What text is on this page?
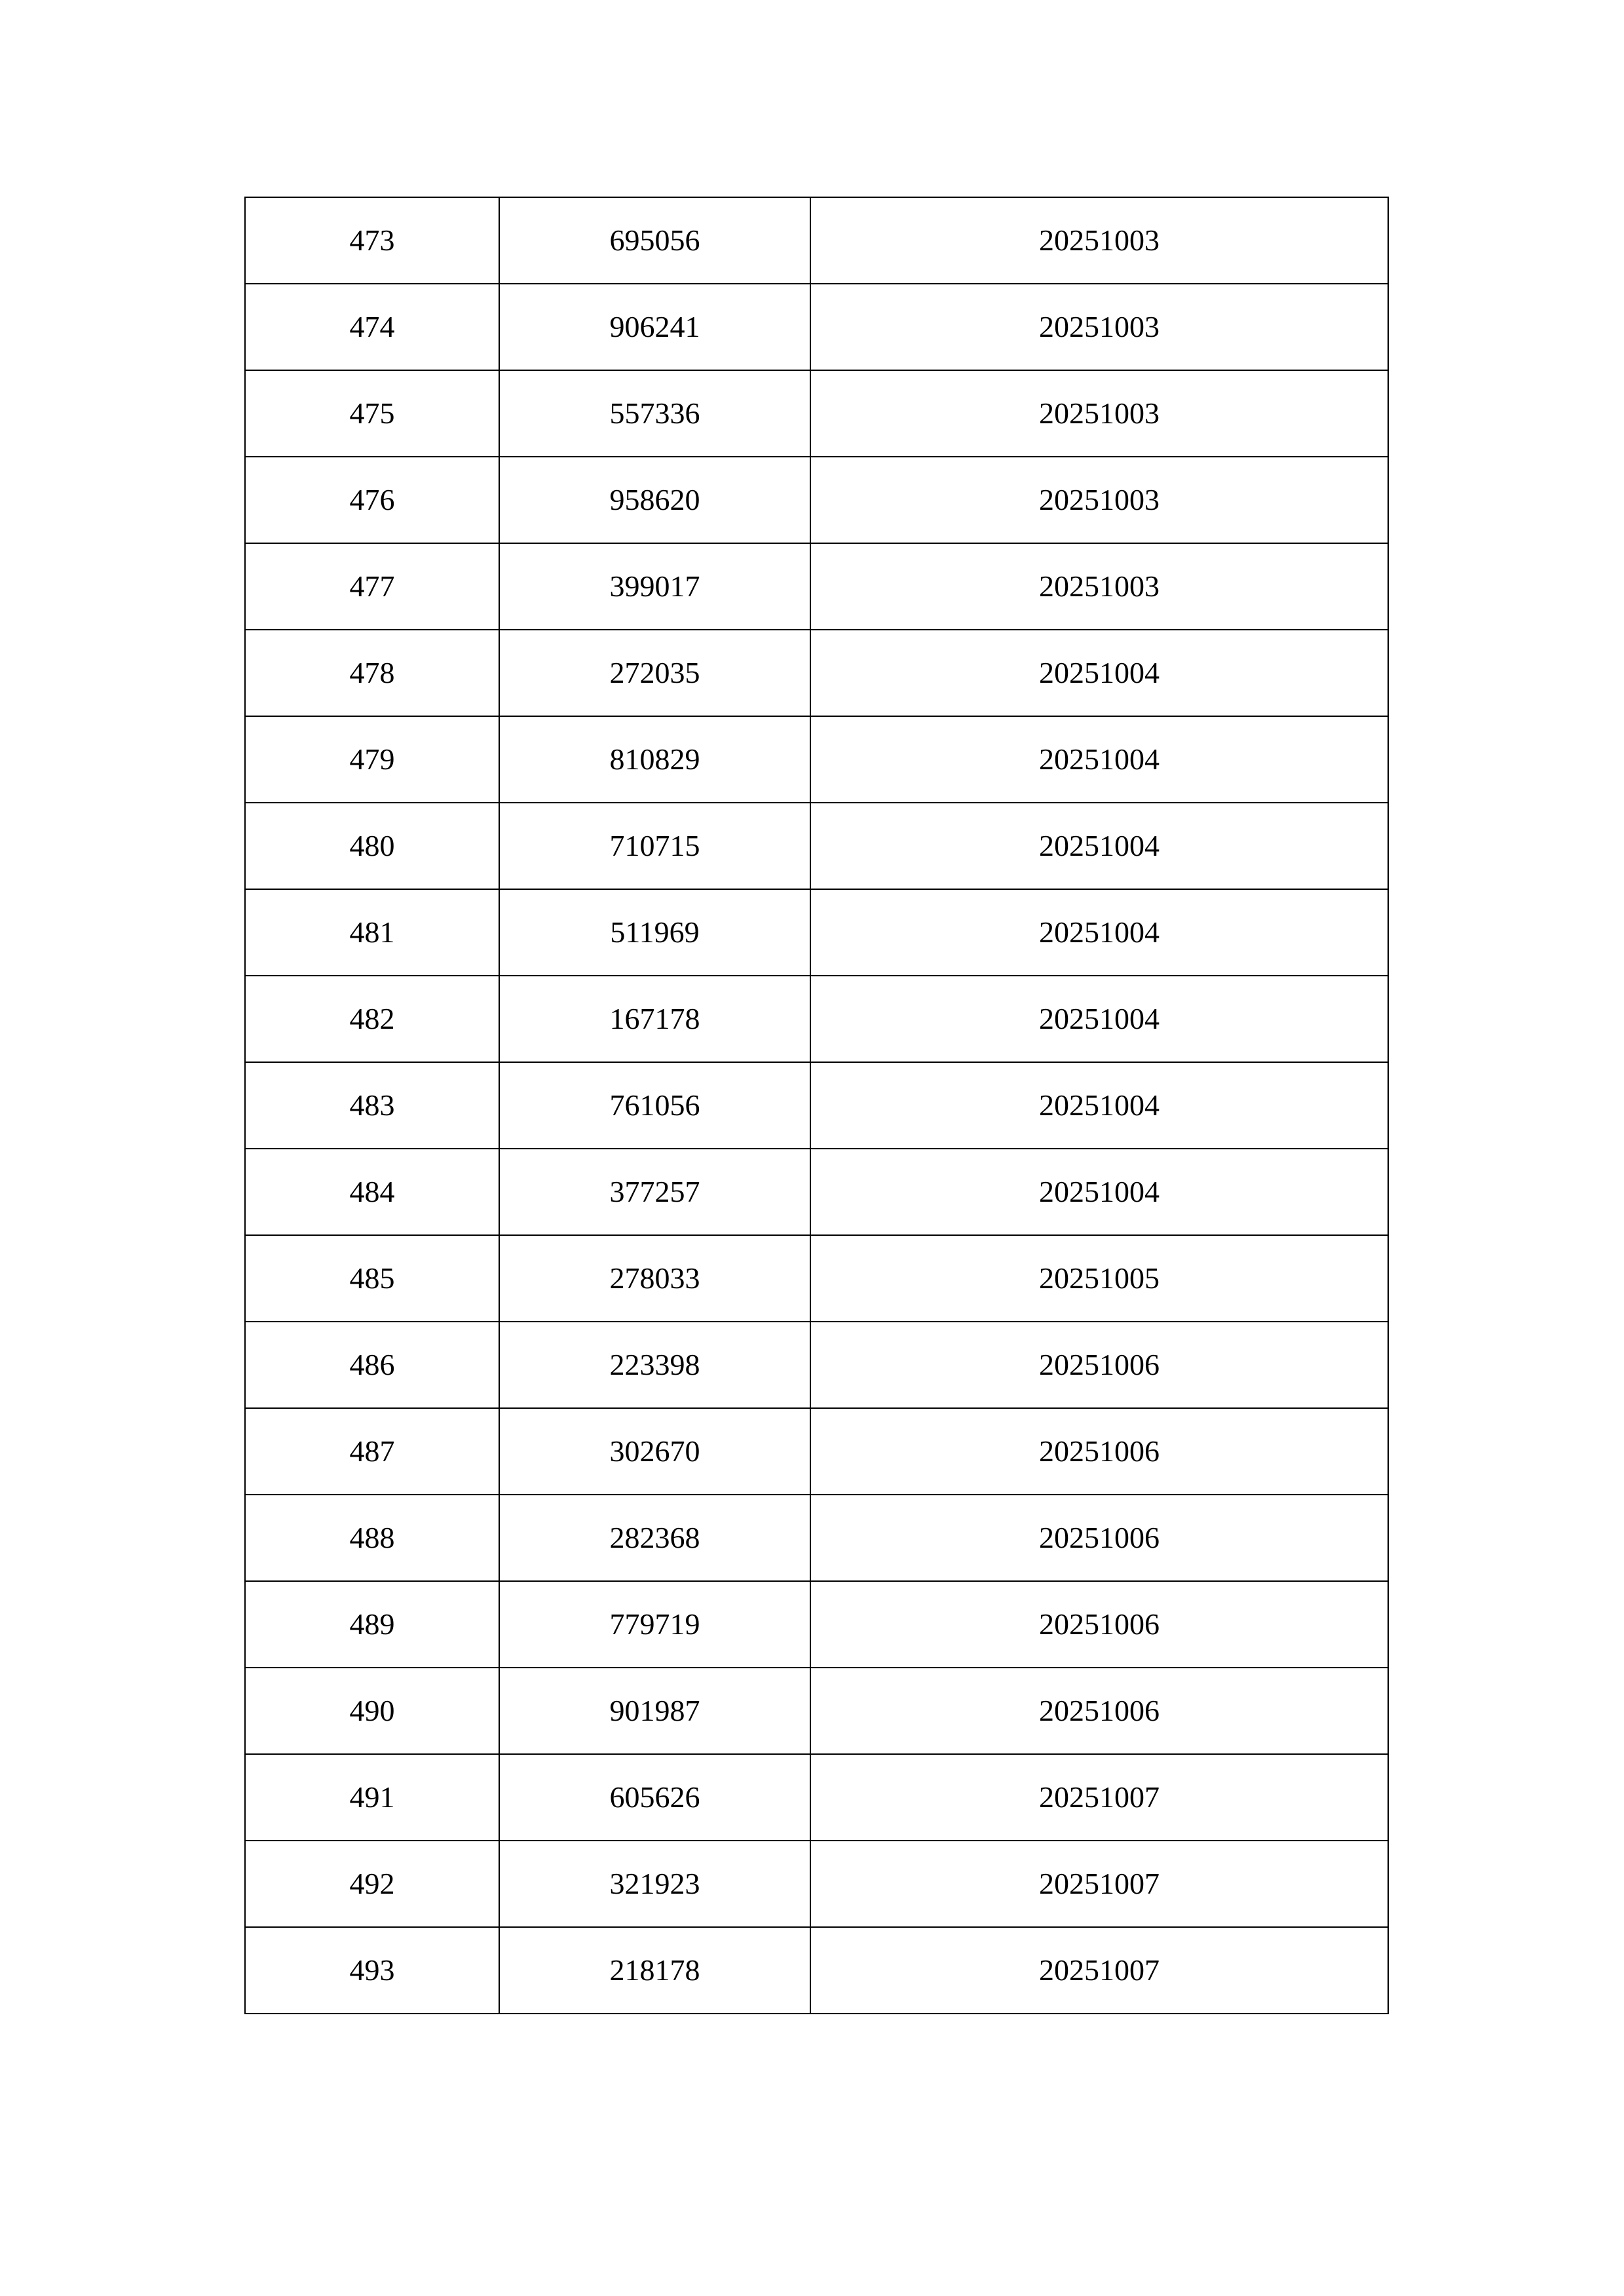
473	695056	20251003
474	906241	20251003
475	557336	20251003
476	958620	20251003
477	399017	20251003
478	272035	20251004
479	810829	20251004
480	710715	20251004
481	511969	20251004
482	167178	20251004
483	761056	20251004
484	377257	20251004
485	278033	20251005
486	223398	20251006
487	302670	20251006
488	282368	20251006
489	779719	20251006
490	901987	20251006
491	605626	20251007
492	321923	20251007
493	218178	20251007
